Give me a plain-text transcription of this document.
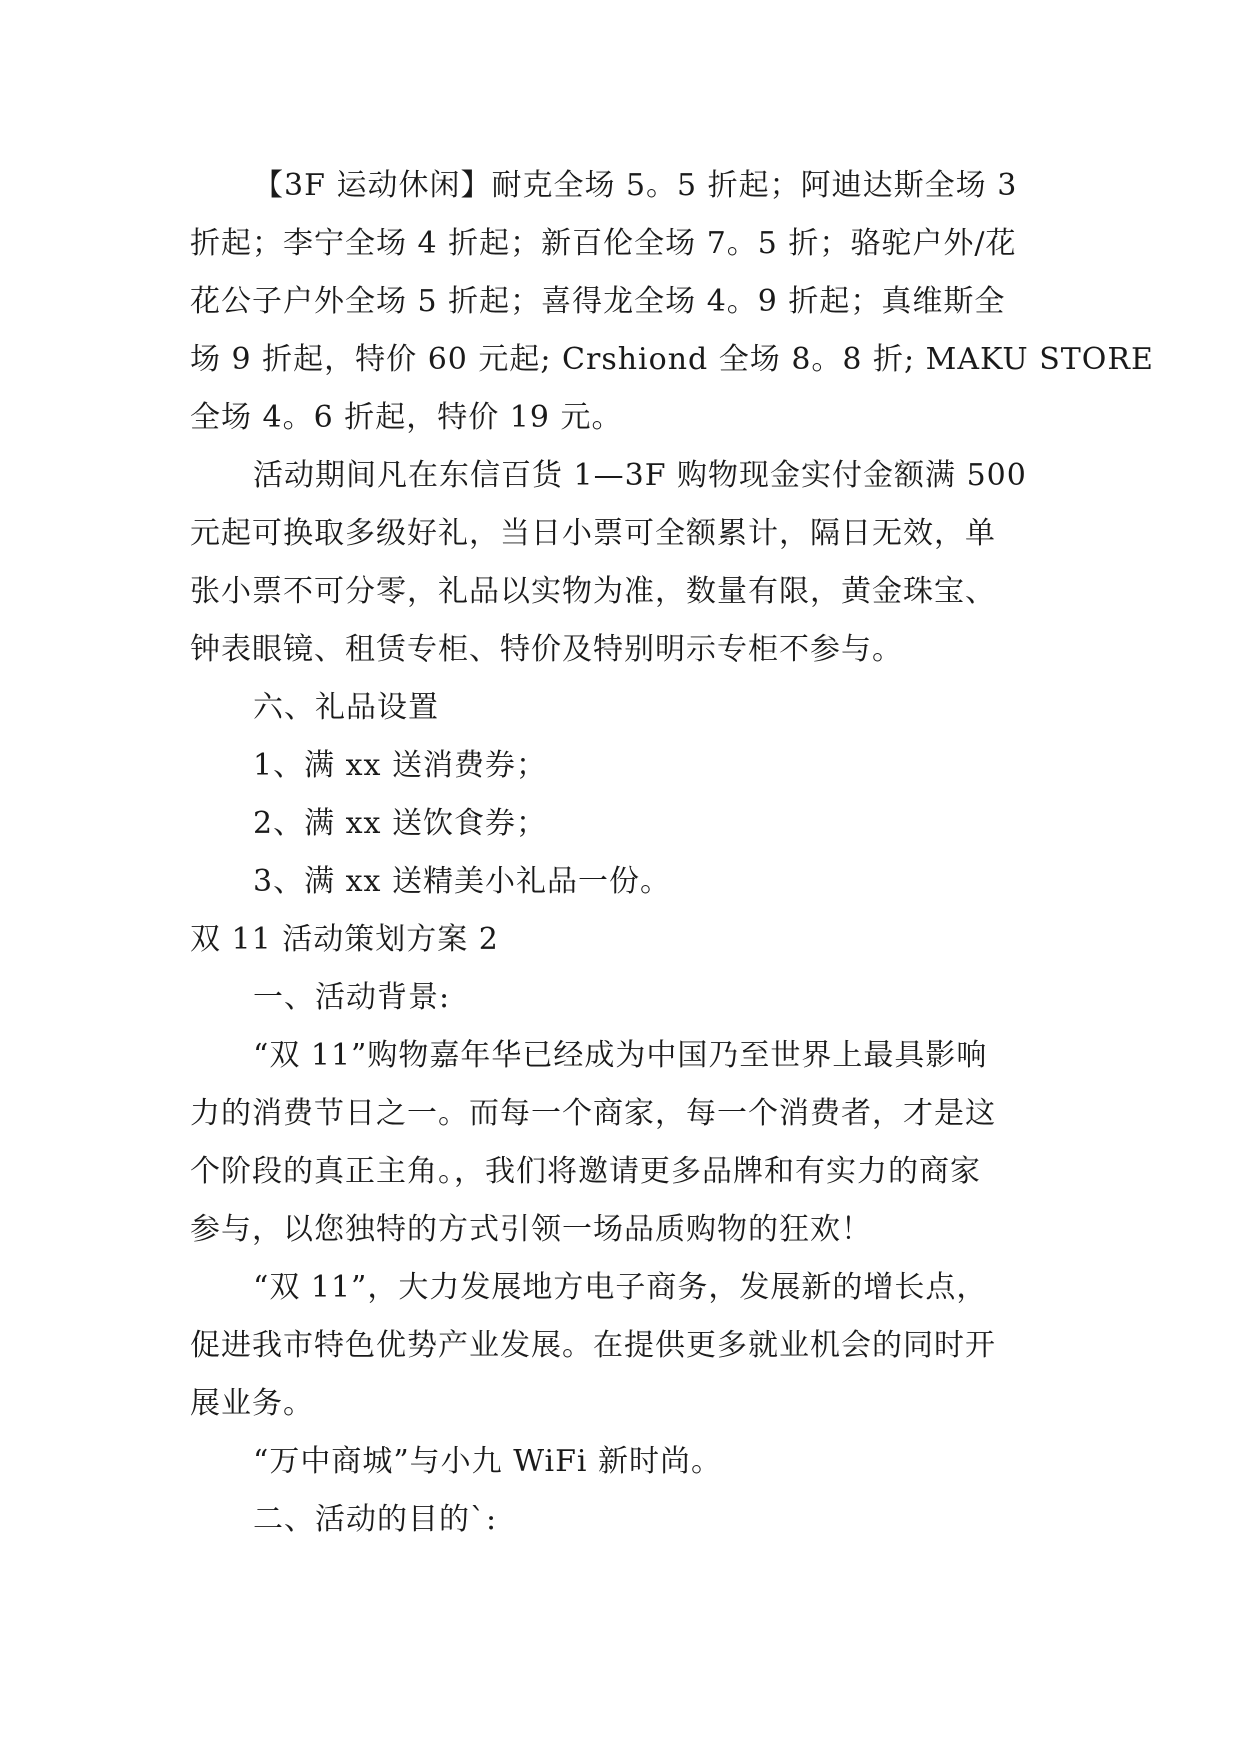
【3F 运动休闲】耐克全场 5。5 折起；阿迪达斯全场 3
折起；李宁全场 4 折起；新百伦全场 7。5 折；骆驼户外/花
花公子户外全场 5 折起；喜得龙全场 4。9 折起；真维斯全
场 9 折起，特价 60 元起; Crshiond 全场 8。8 折; MAKU STORE
全场 4。6 折起，特价 19 元。
活动期间凡在东信百货 1—3F 购物现金实付金额满 500
元起可换取多级好礼，当日小票可全额累计，隔日无效，单
张小票不可分零，礼品以实物为准，数量有限，黄金珠宝、
钟表眼镜、租赁专柜、特价及特别明示专柜不参与。
六、礼品设置
1、满 xx 送消费券；
2、满 xx 送饮食券；
3、满 xx 送精美小礼品一份。
双 11 活动策划方案 2
一、活动背景:
“双 11”购物嘉年华已经成为中国乃至世界上最具影响
力的消费节日之一。而每一个商家，每一个消费者，才是这
个阶段的真正主角。，我们将邀请更多品牌和有实力的商家
参与，以您独特的方式引领一场品质购物的狂欢！
“双 11”，大力发展地方电子商务，发展新的增长点，
促进我市特色优势产业发展。在提供更多就业机会的同时开
展业务。
“万中商城”与小九 WiFi 新时尚。
二、活动的目的`:
